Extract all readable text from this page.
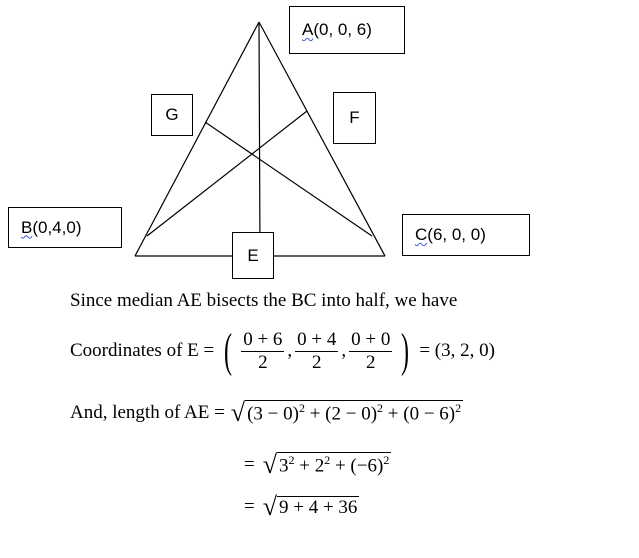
A (0, 0, 6)
G	F
B (0,4,0)	C (6, 0, 0)
E
Since median AE bisects the BC into half, we have
Coordinates of E = ( $\frac{0 + 6}{2}$ , $\frac{0 + 4}{2}$ , $\frac{0 + 0}{2}$ ) = (3, 2, 0)
And, length of AE = √ $(3 - 0)^2 + (2 - 0)^2 + (0 - 6)^2$
= √ $3^2 + 2^2 + (-6)^2$
= √ 9 + 4 + 36
